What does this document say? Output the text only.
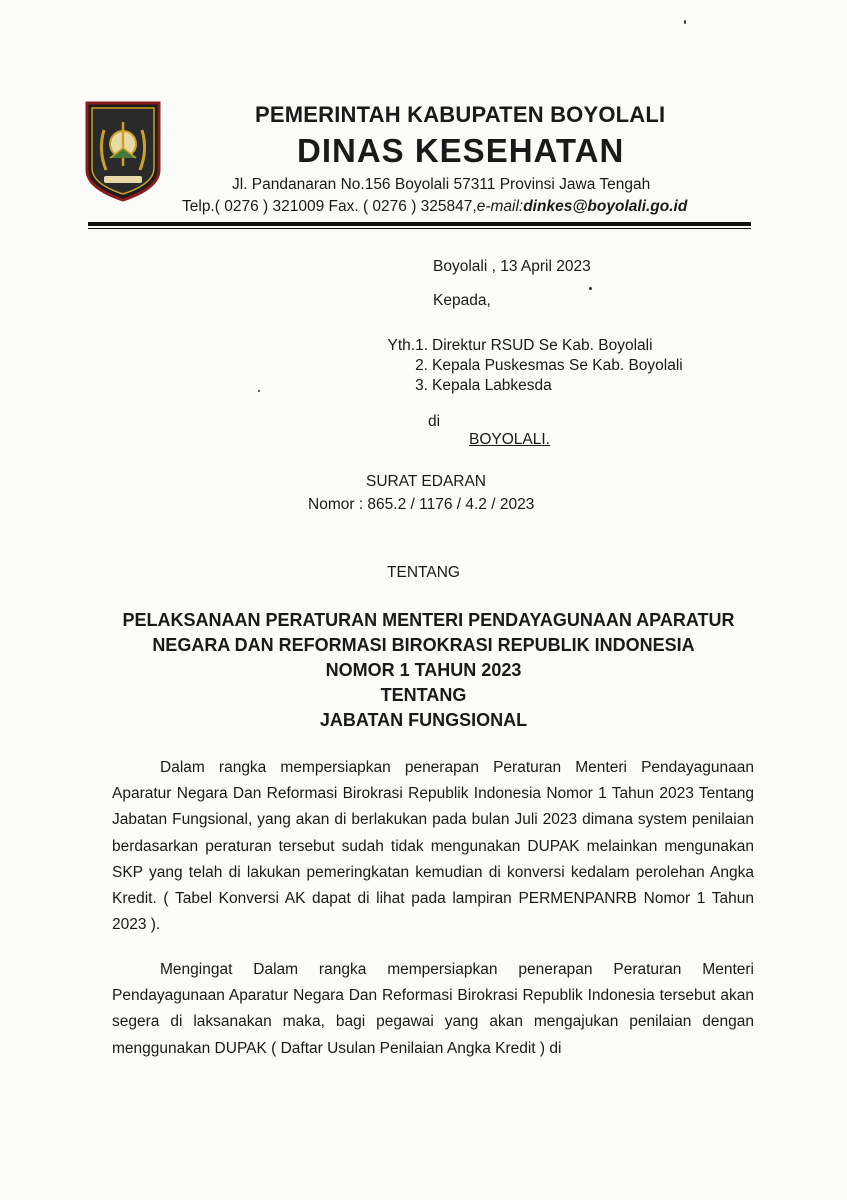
PEMERINTAH KABUPATEN BOYOLALI
DINAS KESEHATAN
Jl. Pandanaran No.156 Boyolali 57311 Provinsi Jawa Tengah
Telp.( 0276 ) 321009 Fax. ( 0276 ) 325847,e-mail:dinkes@boyolali.go.id
Boyolali , 13 April 2023
Kepada,
Yth.1. Direktur RSUD Se Kab. Boyolali
2. Kepala Puskesmas Se Kab. Boyolali
3. Kepala Labkesda
di
BOYOLALI.
SURAT EDARAN
Nomor : 865.2 / 1176 / 4.2 / 2023
TENTANG
PELAKSANAAN PERATURAN MENTERI PENDAYAGUNAAN APARATUR
NEGARA DAN REFORMASI BIROKRASI REPUBLIK INDONESIA
NOMOR 1 TAHUN 2023
TENTANG
JABATAN FUNGSIONAL
Dalam rangka mempersiapkan penerapan Peraturan Menteri Pendayagunaan Aparatur Negara Dan Reformasi Birokrasi Republik Indonesia Nomor 1 Tahun 2023 Tentang Jabatan Fungsional, yang akan di berlakukan pada bulan Juli 2023 dimana system penilaian berdasarkan peraturan tersebut sudah tidak mengunakan DUPAK melainkan mengunakan SKP yang telah di lakukan pemeringkatan kemudian di konversi kedalam perolehan Angka Kredit. ( Tabel Konversi AK dapat di lihat pada lampiran PERMENPANRB Nomor 1 Tahun 2023 ).
Mengingat Dalam rangka mempersiapkan penerapan Peraturan Menteri Pendayagunaan Aparatur Negara Dan Reformasi Birokrasi Republik Indonesia tersebut akan segera di laksanakan maka, bagi pegawai yang akan mengajukan penilaian dengan menggunakan DUPAK ( Daftar Usulan Penilaian Angka Kredit ) di
